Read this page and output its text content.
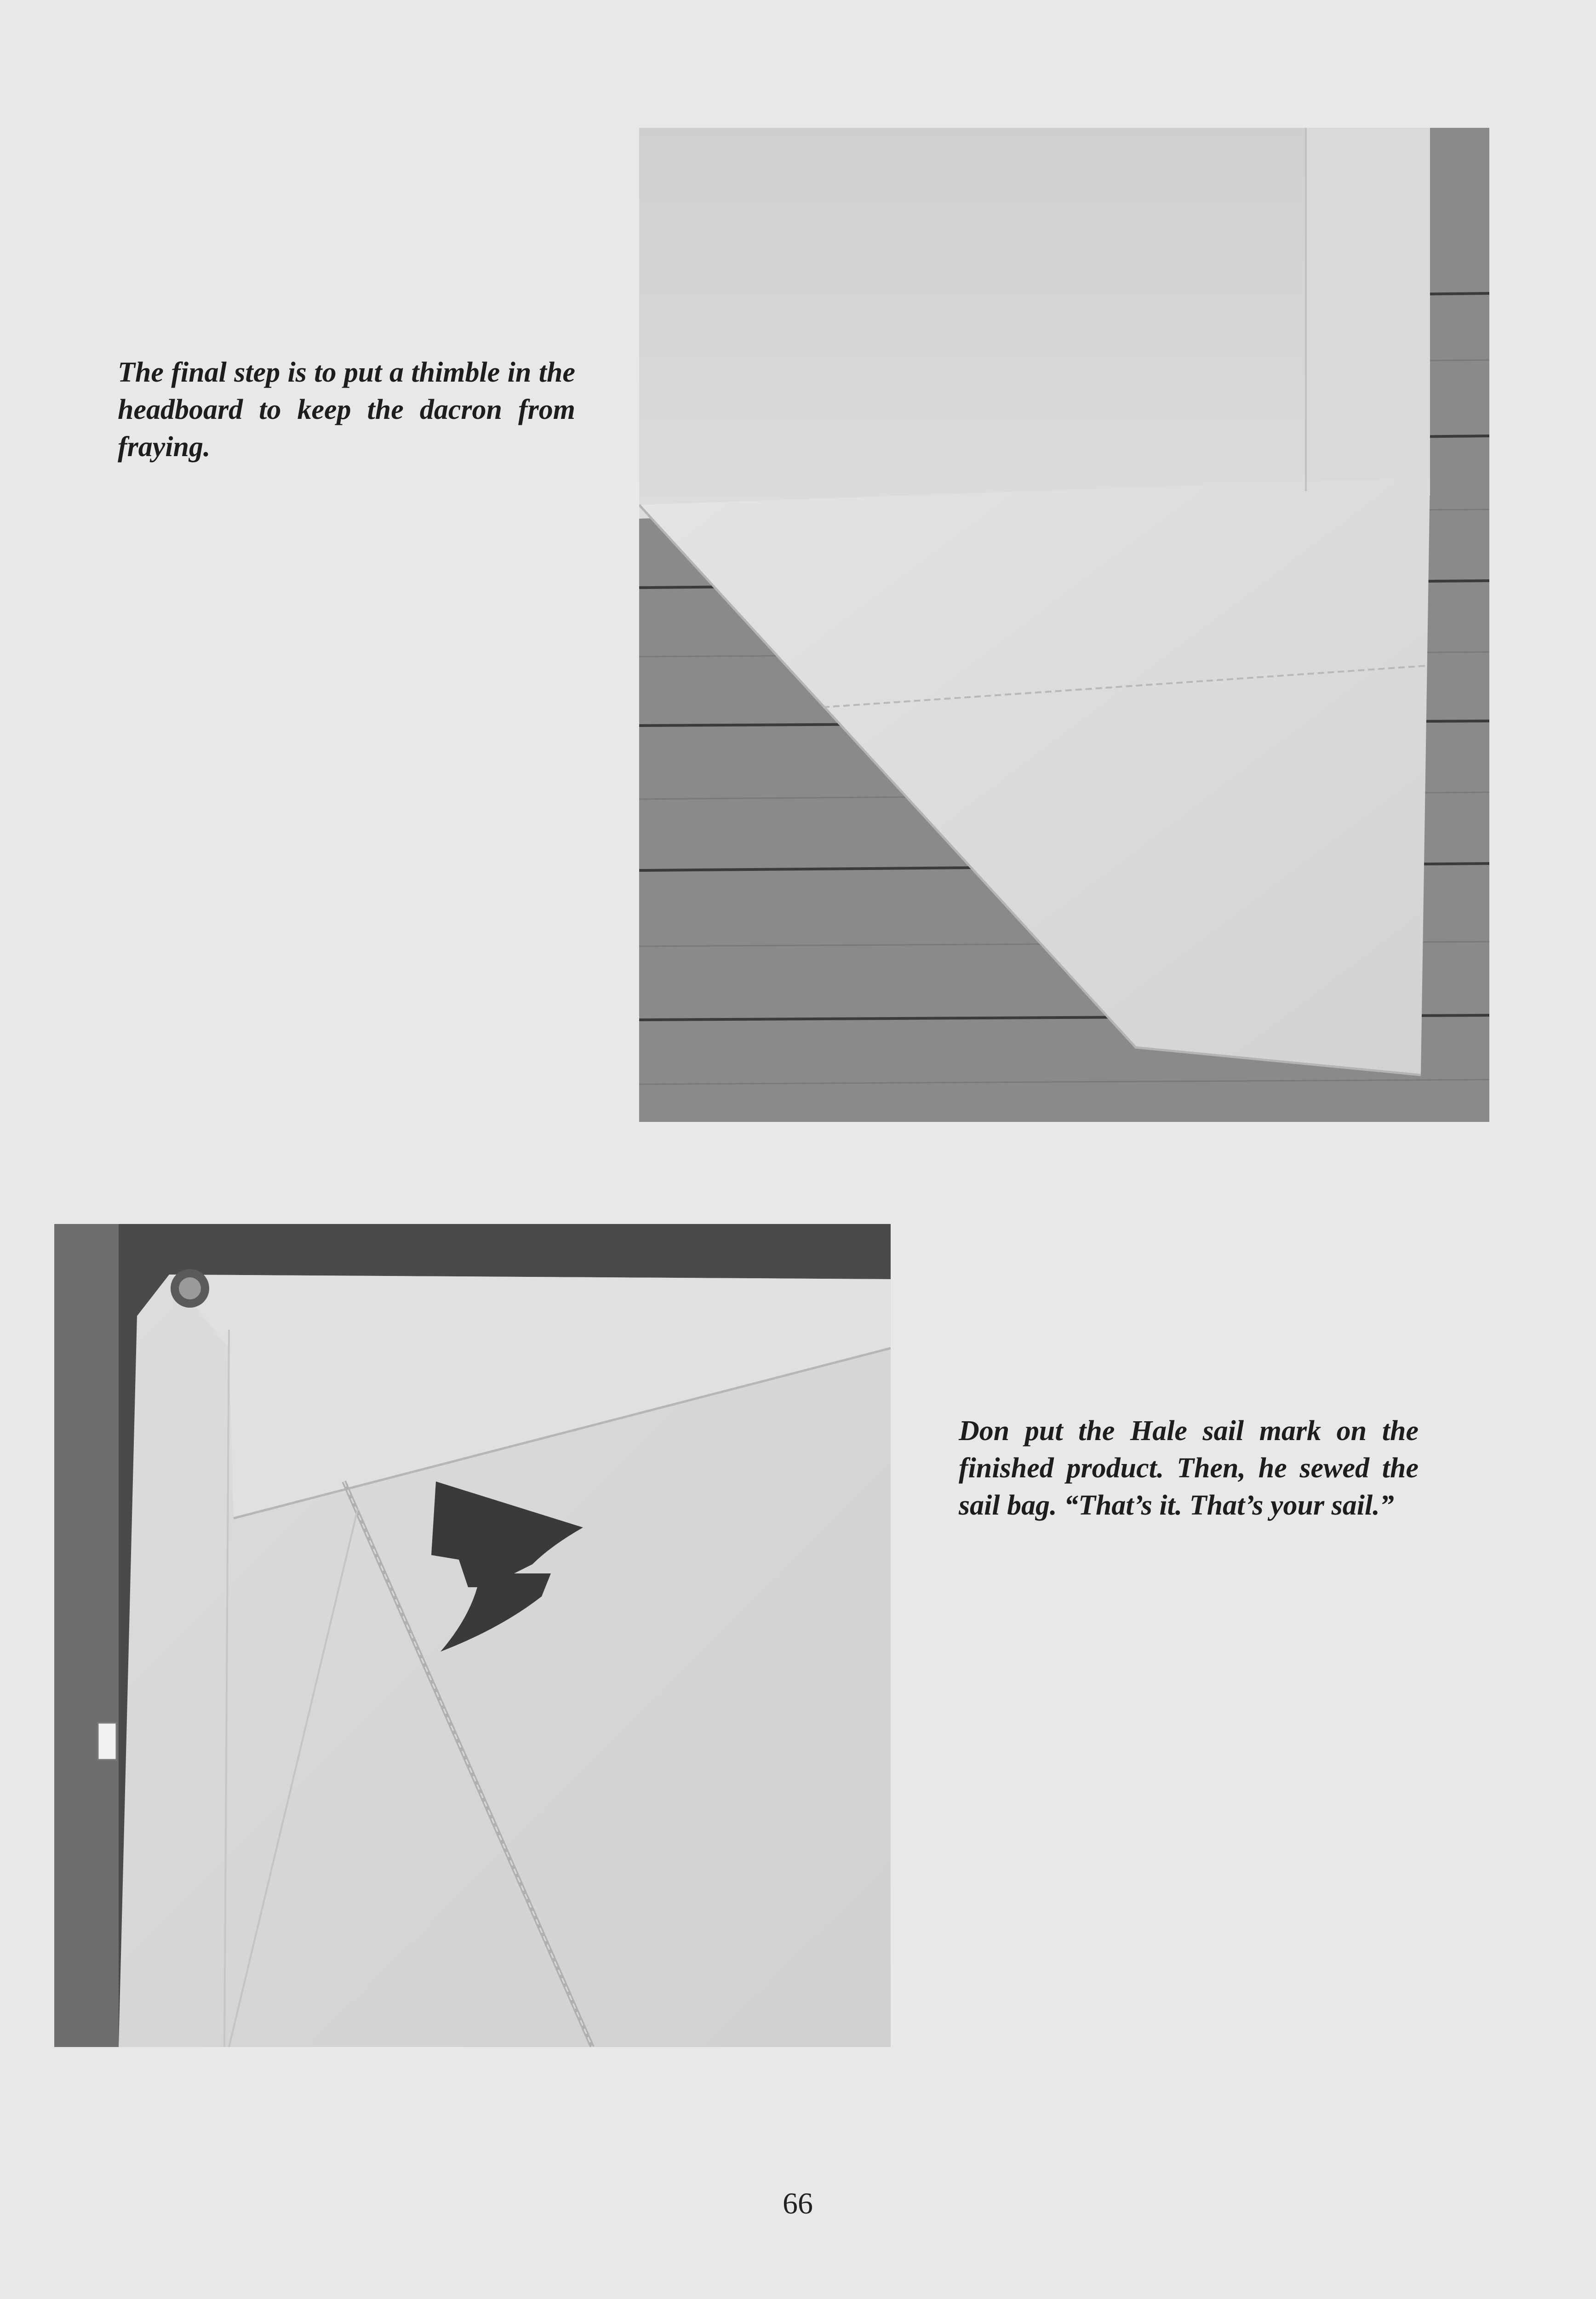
The final step is to put a thimble in the headboard to keep the dacron from fraying.

Don put the Hale sail mark on the finished product. Then, he sewed the sail bag. “That’s it. That’s your sail.”

66
